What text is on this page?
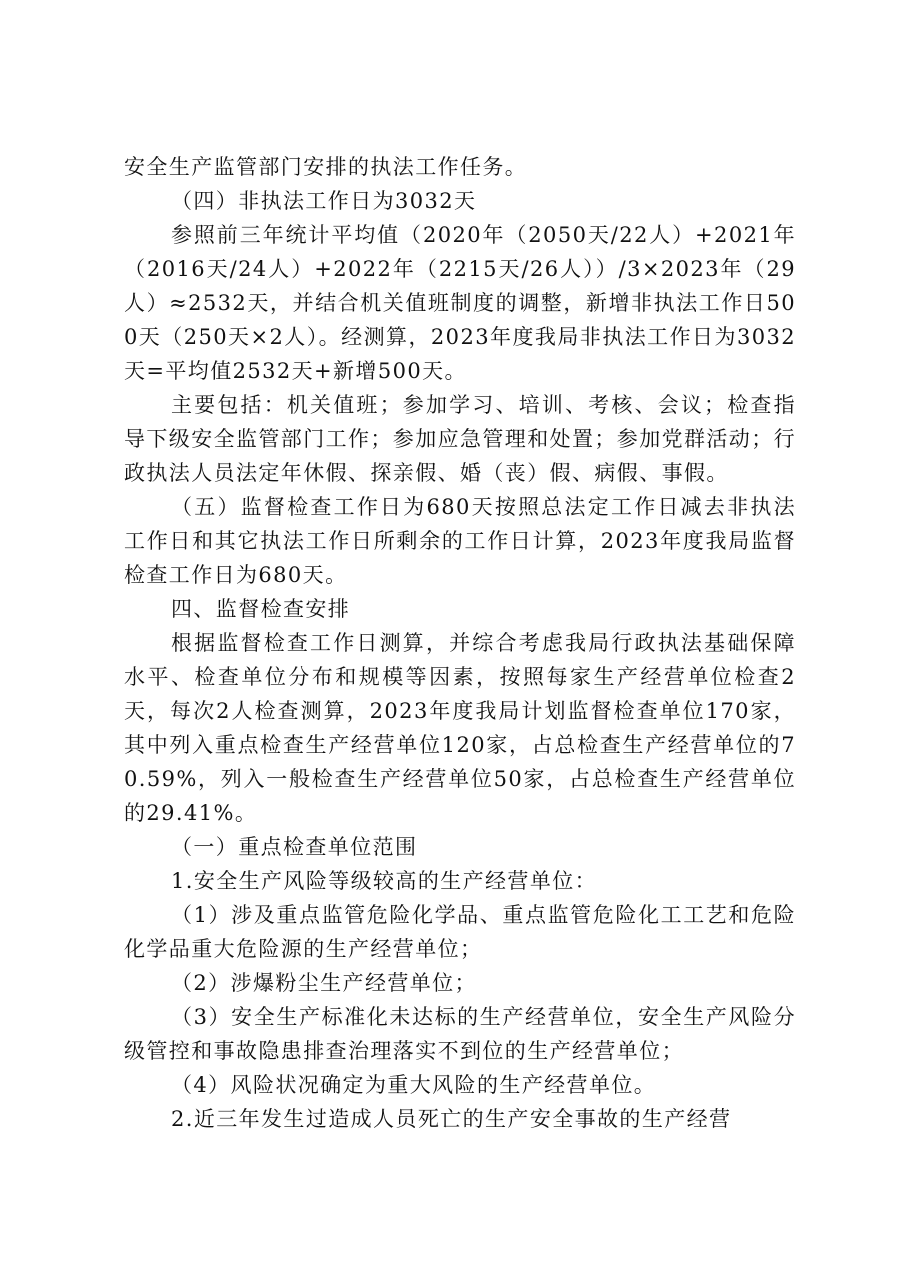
安全生产监管部门安排的执法工作任务。

（四）非执法工作日为3032天

参照前三年统计平均值（2020年（2050天/22人）+2021年（2016天/24人）+2022年（2215天/26人））/3×2023年（29人）≈2532天，并结合机关值班制度的调整，新增非执法工作日500天（250天×2人）。经测算，2023年度我局非执法工作日为3032天=平均值2532天+新增500天。

主要包括：机关值班；参加学习、培训、考核、会议；检查指导下级安全监管部门工作；参加应急管理和处置；参加党群活动；行政执法人员法定年休假、探亲假、婚（丧）假、病假、事假。

（五）监督检查工作日为680天按照总法定工作日减去非执法工作日和其它执法工作日所剩余的工作日计算，2023年度我局监督检查工作日为680天。

四、监督检查安排

根据监督检查工作日测算，并综合考虑我局行政执法基础保障水平、检查单位分布和规模等因素，按照每家生产经营单位检查2天，每次2人检查测算，2023年度我局计划监督检查单位170家，其中列入重点检查生产经营单位120家，占总检查生产经营单位的70.59%，列入一般检查生产经营单位50家，占总检查生产经营单位的29.41%。

（一）重点检查单位范围

1.安全生产风险等级较高的生产经营单位：

（1）涉及重点监管危险化学品、重点监管危险化工工艺和危险化学品重大危险源的生产经营单位；

（2）涉爆粉尘生产经营单位；

（3）安全生产标准化未达标的生产经营单位，安全生产风险分级管控和事故隐患排查治理落实不到位的生产经营单位；

（4）风险状况确定为重大风险的生产经营单位。

2.近三年发生过造成人员死亡的生产安全事故的生产经营
